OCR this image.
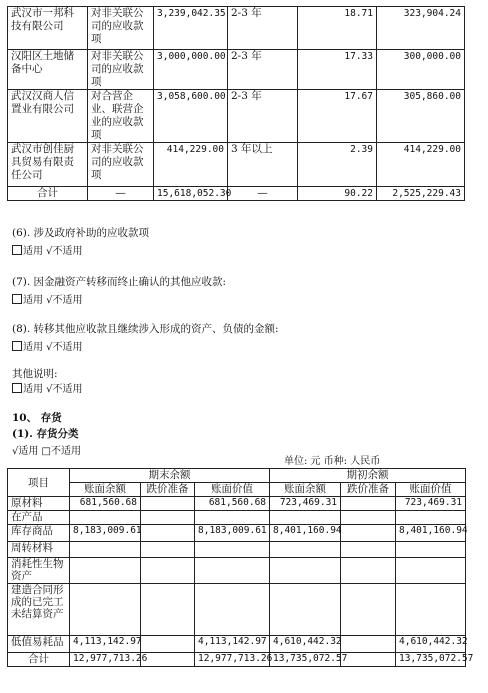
武汉市一邦科技有限公司	对非关联公司的应收款项	3,239,042.35	2-3 年	18.71	323,904.24
汉阳区土地储备中心	对非关联公司的应收款项	3,000,000.00	2-3 年	17.33	300,000.00
武汉汉商人信置业有限公司	对合营企业、联营企业的应收款项	3,058,600.00	2-3 年	17.67	305,860.00
武汉市创佳厨具贸易有限责任公司	对非关联公司的应收款项	414,229.00	3 年以上	2.39	414,229.00
合计	—	15,618,052.30	—	90.22	2,525,229.43
(6). 涉及政府补助的应收款项
适用 √不适用
(7). 因金融资产转移而终止确认的其他应收款:
适用 √不适用
(8). 转移其他应收款且继续涉入形成的资产、负债的金额:
适用 √不适用
其他说明:
适用 √不适用
10、 存货
(1). 存货分类
√适用 □不适用
单位: 元 币种: 人民币
项目	期末余额			期初余额		
	账面余额	跌价准备	账面价值	账面余额	跌价准备	账面价值
原材料	681,560.68		681,560.68	723,469.31		723,469.31
在产品						
库存商品	8,183,009.61		8,183,009.61	8,401,160.94		8,401,160.94
周转材料						
消耗性生物资产						
建造合同形成的已完工未结算资产						
低值易耗品	4,113,142.97		4,113,142.97	4,610,442.32		4,610,442.32
合计	12,977,713.26		12,977,713.26	13,735,072.57		13,735,072.57
